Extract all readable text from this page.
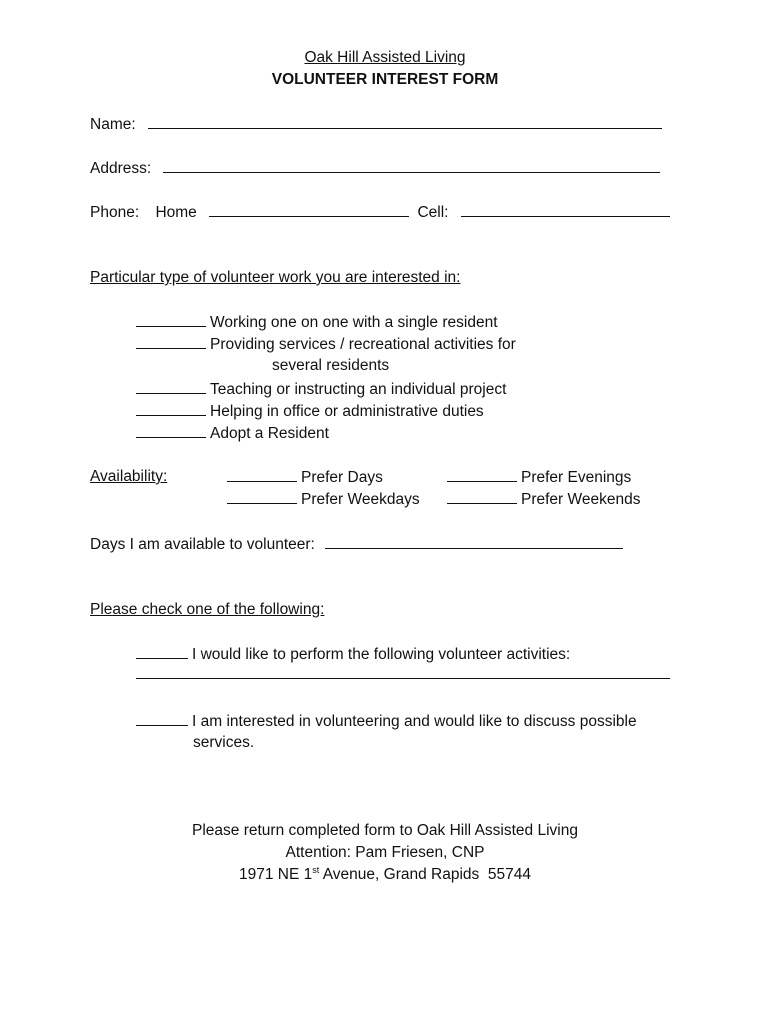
Oak Hill Assisted Living
VOLUNTEER INTEREST FORM
Name:
Address:
Phone: Home	Cell:
Particular type of volunteer work you are interested in:
Working one on one with a single resident
Providing services / recreational activities for
several residents
Teaching or instructing an individual project
Helping in office or administrative duties
Adopt a Resident
Availability:	Prefer Days	Prefer Evenings
Prefer Weekdays	Prefer Weekends
Days I am available to volunteer:
Please check one of the following:
I would like to perform the following volunteer activities:
I am interested in volunteering and would like to discuss possible
services.
Please return completed form to Oak Hill Assisted Living
Attention: Pam Friesen, CNP
1971 NE 1st Avenue, Grand Rapids  55744
